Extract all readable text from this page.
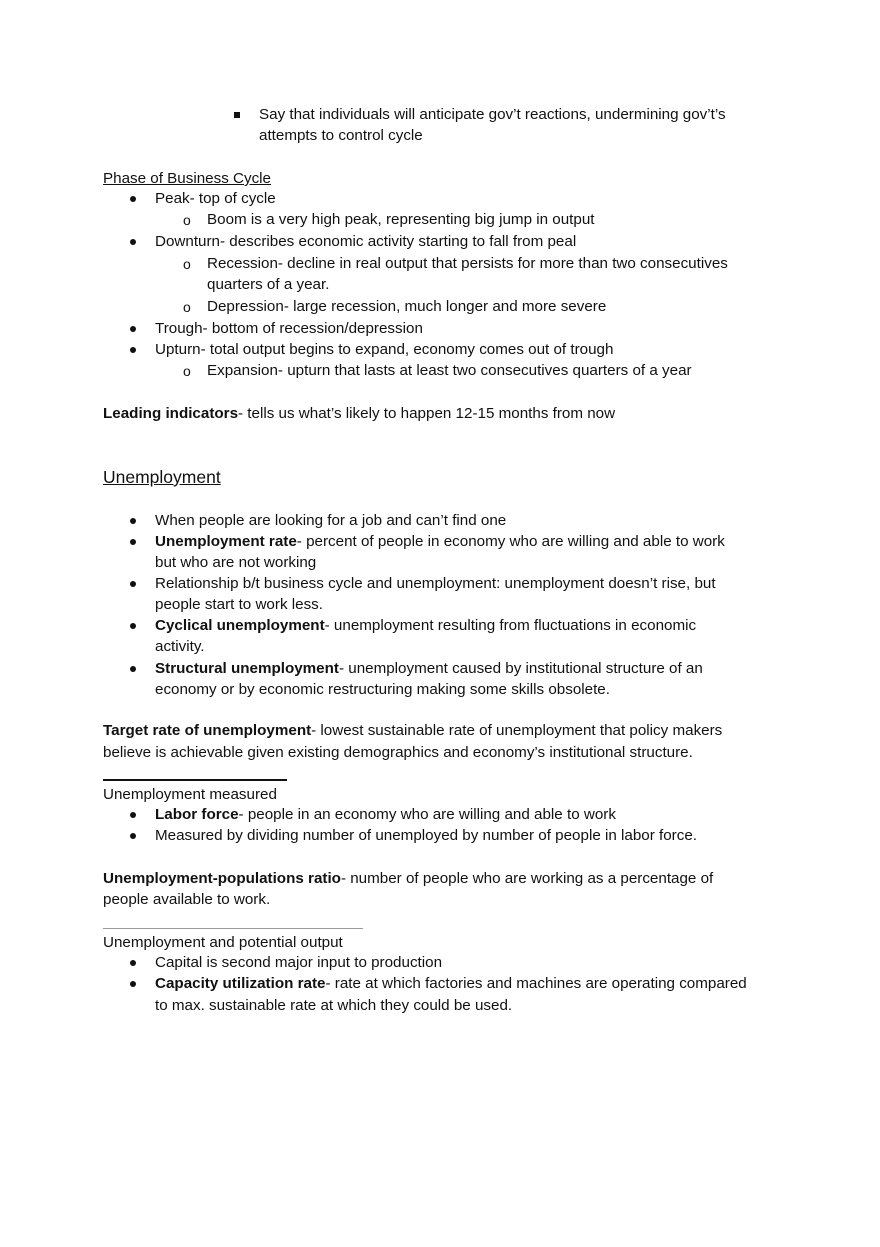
Say that individuals will anticipate gov’t reactions, undermining gov’t’s
attempts to control cycle
Phase of Business Cycle
Peak- top of cycle
o Boom is a very high peak, representing big jump in output
Downturn- describes economic activity starting to fall from peal
o Recession- decline in real output that persists for more than two consecutives
quarters of a year.
o Depression- large recession, much longer and more severe
Trough- bottom of recession/depression
Upturn- total output begins to expand, economy comes out of trough
o Expansion- upturn that lasts at least two consecutives quarters of a year
Leading indicators- tells us what’s likely to happen 12-15 months from now
Unemployment
When people are looking for a job and can’t find one
Unemployment rate- percent of people in economy who are willing and able to work
but who are not working
Relationship b/t business cycle and unemployment: unemployment doesn’t rise, but
people start to work less.
Cyclical unemployment- unemployment resulting from fluctuations in economic
activity.
Structural unemployment- unemployment caused by institutional structure of an
economy or by economic restructuring making some skills obsolete.
Target rate of unemployment- lowest sustainable rate of unemployment that policy makers
believe is achievable given existing demographics and economy’s institutional structure.
Unemployment measured
Labor force- people in an economy who are willing and able to work
Measured by dividing number of unemployed by number of people in labor force.
Unemployment-populations ratio- number of people who are working as a percentage of
people available to work.
Unemployment and potential output
Capital is second major input to production
Capacity utilization rate- rate at which factories and machines are operating compared
to max. sustainable rate at which they could be used.
